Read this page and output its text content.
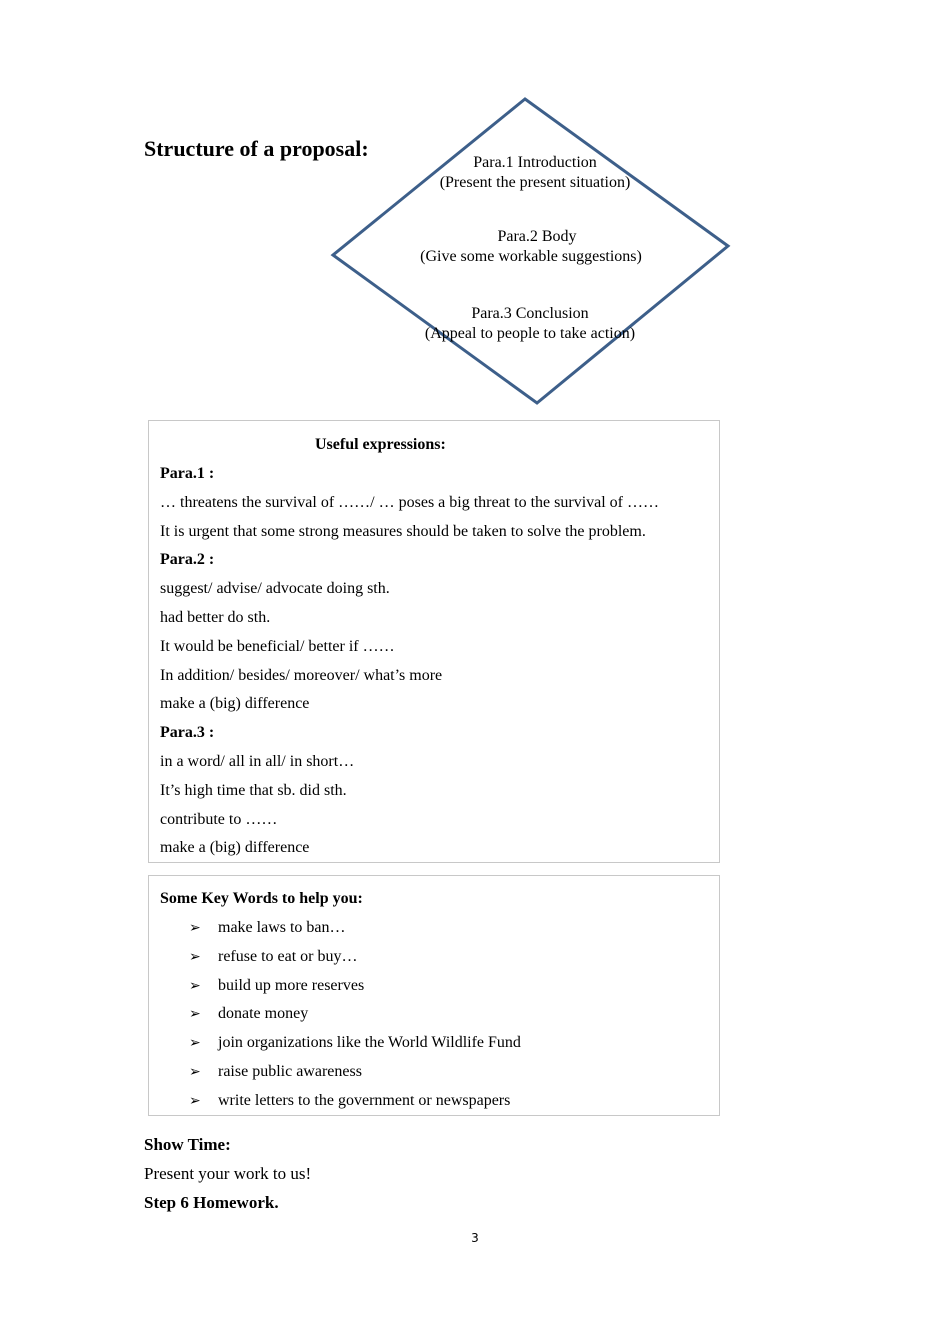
Structure of a proposal:
Para.1 Introduction
(Present the present situation)
Para.2 Body
(Give some workable suggestions)
Para.3 Conclusion
(Appeal to people to take action)
Useful expressions:
Para.1 :
… threatens the survival of ……/ … poses a big threat to the survival of ……
It is urgent that some strong measures should be taken to solve the problem.
Para.2 :
suggest/ advise/ advocate doing sth.
had better do sth.
It would be beneficial/ better if ……
In addition/ besides/ moreover/ what’s more
make a (big) difference
Para.3 :
in a word/ all in all/ in short…
It’s high time that sb. did sth.
contribute to ……
make a (big) difference
Some Key Words to help you:
➢ make laws to ban…
➢ refuse to eat or buy…
➢ build up more reserves
➢ donate money
➢ join organizations like the World Wildlife Fund
➢ raise public awareness
➢ write letters to the government or newspapers
Show Time:
Present your work to us!
Step 6 Homework.
3
